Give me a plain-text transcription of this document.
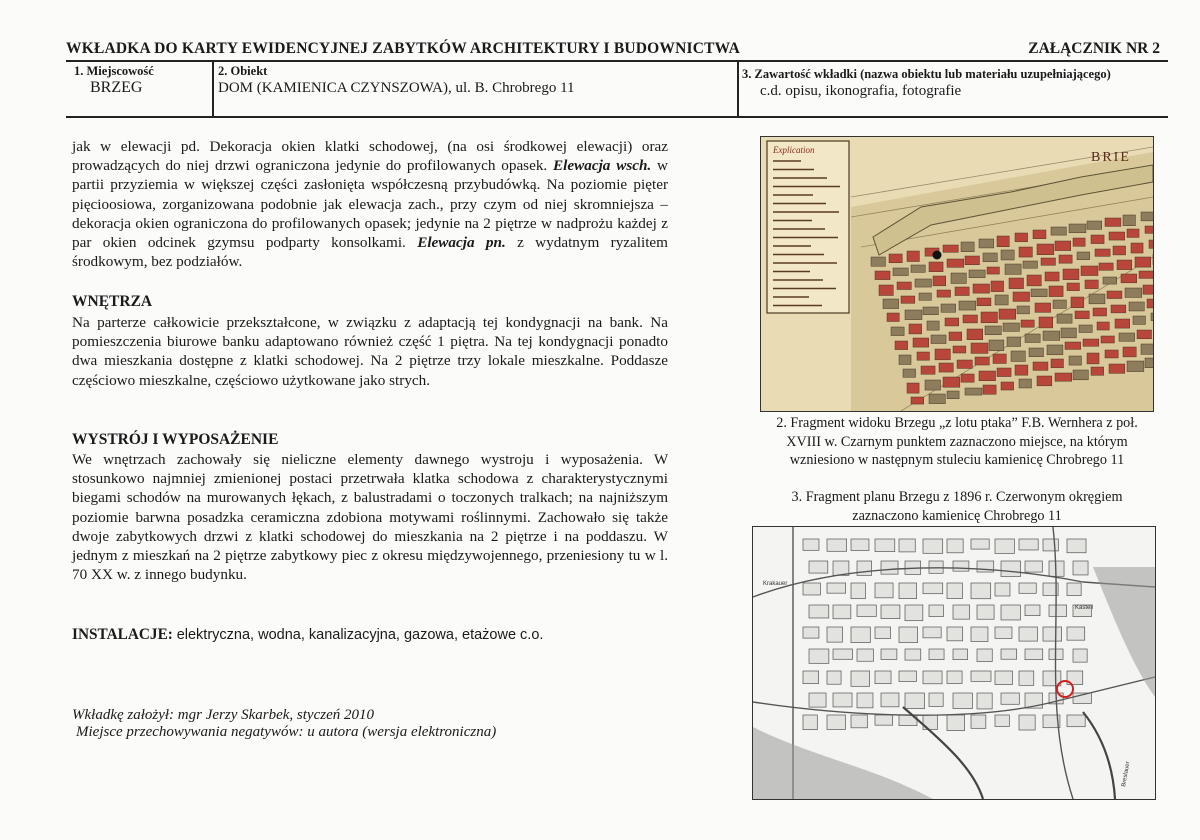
WKŁADKA DO KARTY EWIDENCYJNEJ ZABYTKÓW ARCHITEKTURY I BUDOWNICTWA	ZAŁĄCZNIK NR 2
1. Miejscowość
BRZEG
2. Obiekt
DOM (KAMIENICA CZYNSZOWA), ul. B. Chrobrego 11
3. Zawartość wkładki (nazwa obiektu lub materiału uzupełniającego)
c.d. opisu, ikonografia, fotografie
jak w elewacji pd. Dekoracja okien klatki schodowej, (na osi środkowej elewacji) oraz prowadzących do niej drzwi ograniczona jedynie do profilowanych opasek. Elewacja wsch. w partii przyziemia w większej części zasłonięta współczesną przybudówką. Na poziomie pięter pięcioosiowa, zorganizowana podobnie jak elewacja zach., przy czym od niej skromniejsza – dekoracja okien ograniczona do profilowanych opasek; jedynie na 2 piętrze w nadprożu każdej z par okien odcinek gzymsu podparty konsolkami. Elewacja pn. z wydatnym ryzalitem środkowym, bez podziałów.
WNĘTRZA
Na parterze całkowicie przekształcone, w związku z adaptacją tej kondygnacji na bank. Na pomieszczenia biurowe banku adaptowano również część 1 piętra. Na tej kondygnacji ponadto dwa mieszkania dostępne z klatki schodowej. Na 2 piętrze trzy lokale mieszkalne. Poddasze częściowo mieszkalne, częściowo użytkowane jako strych.
WYSTRÓJ I WYPOSAŻENIE
We wnętrzach zachowały się nieliczne elementy dawnego wystroju i wyposażenia. W stosunkowo najmniej zmienionej postaci przetrwała klatka schodowa z charakterystycznymi biegami schodów na murowanych łękach, z balustradami o toczonych tralkach; na najniższym poziomie barwna posadzka ceramiczna zdobiona motywami roślinnymi. Zachowało się także dwoje zabytkowych drzwi z klatki schodowej do mieszkania na 2 piętrze i na poddaszu. W jednym z mieszkań na 2 piętrze zabytkowy piec z okresu międzywojennego, przeniesiony tu w l. 70 XX w. z innego budynku.
INSTALACJE: elektryczna, wodna, kanalizacyjna, gazowa, etażowe c.o.
Wkładkę założył: mgr Jerzy Skarbek, styczeń 2010
Miejsce przechowywania negatywów: u autora (wersja elektroniczna)
Explication	BRIE
2. Fragment widoku Brzegu „z lotu ptaka” F.B. Wernhera z poł.
XVIII w. Czarnym punktem zaznaczono miejsce, na którym
wzniesiono w następnym stuleciu kamienicę Chrobrego 11
3. Fragment planu Brzegu z 1896 r. Czerwonym okręgiem
zaznaczono kamienicę Chrobrego 11
Kastell
Krakauer
Breslauer
